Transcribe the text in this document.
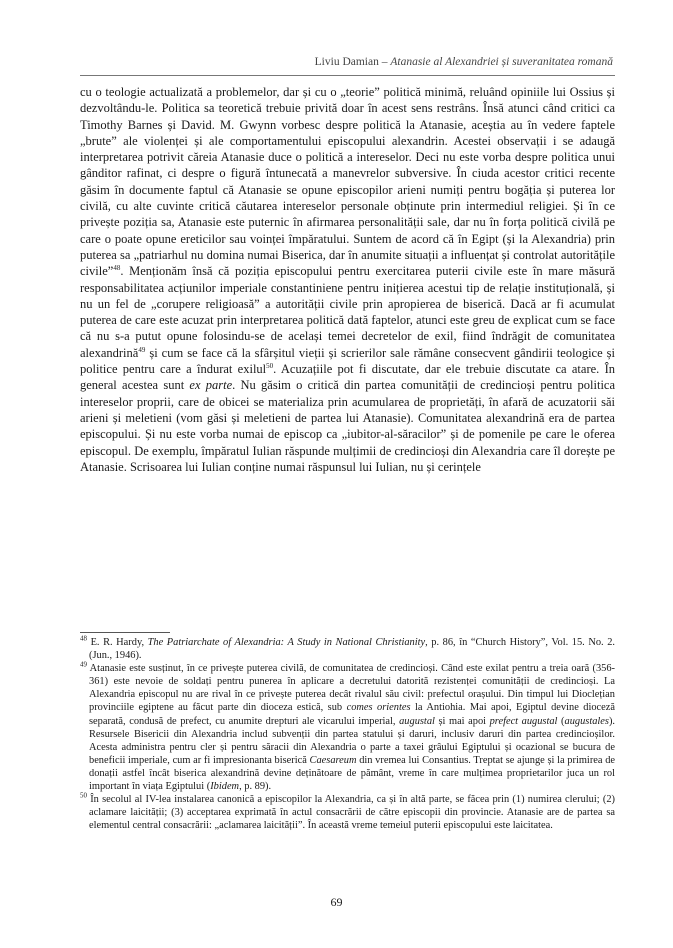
Liviu Damian – Atanasie al Alexandriei și suveranitatea romană

cu o teologie actualizată a problemelor, dar și cu o „teorie” politică minimă, reluând opiniile lui Ossius și dezvoltându-le. Politica sa teoretică trebuie privită doar în acest sens restrâns. Însă atunci când critici ca Timothy Barnes și David. M. Gwynn vorbesc despre politică la Atanasie, aceștia au în vedere faptele „brute” ale violenței și ale comportamentului episcopului alexandrin. Acestei observații i se adaugă interpretarea potrivit căreia Atanasie duce o politică a intereselor. Deci nu este vorba despre politica unui gânditor rafinat, ci despre o figură întunecată a manevrelor subversive. În ciuda acestor critici recente găsim în documente faptul că Atanasie se opune episcopilor arieni numiți pentru bogăția și puterea lor civilă, cu alte cuvinte critică căutarea intereselor personale obținute prin intermediul religiei. Și în ce privește poziția sa, Atanasie este puternic în afirmarea personalității sale, dar nu în forța politică civilă pe care o poate opune ereticilor sau voinței împăratului. Suntem de acord că în Egipt (și la Alexandria) prin puterea sa „patriarhul nu domina numai Biserica, dar în anumite situații a influențat și controlat autoritățile civile”$^{48}$. Menționăm însă că poziția episcopului pentru exercitarea puterii civile este în mare măsură responsabilitatea acțiunilor imperiale constantiniene pentru inițierea acestui tip de relație instituțională, și nu un fel de „corupere religioasă” a autorității civile prin apropierea de biserică. Dacă ar fi acumulat puterea de care este acuzat prin interpretarea politică dată faptelor, atunci este greu de explicat cum se face că nu s-a putut opune folosindu-se de același temei decretelor de exil, fiind îndrăgit de comunitatea alexandrină$^{49}$ și cum se face că la sfârșitul vieții și scrierilor sale rămâne consecvent gândirii teologice și politice pentru care a îndurat exilul$^{50}$. Acuzațiile pot fi discutate, dar ele trebuie discutate ca atare. În general acestea sunt ex parte. Nu găsim o critică din partea comunității de credincioși pentru politica intereselor proprii, care de obicei se materializa prin acumularea de proprietăți, în afară de acuzatorii săi arieni și meletieni (vom găsi și meletieni de partea lui Atanasie). Comunitatea alexandrină era de partea episcopului. Și nu este vorba numai de episcop ca „iubitor-al-săracilor” și de pomenile pe care le oferea episcopul. De exemplu, împăratul Iulian răspunde mulțimii de credincioși din Alexandria care îl dorește pe Atanasie. Scrisoarea lui Iulian conține numai răspunsul lui Iulian, nu și cerințele

$^{48}$ E. R. Hardy, The Patriarchate of Alexandria: A Study in National Christianity, p. 86, în “Church History”, Vol. 15. No. 2. (Jun., 1946).

$^{49}$ Atanasie este susținut, în ce privește puterea civilă, de comunitatea de credincioși. Când este exilat pentru a treia oară (356-361) este nevoie de soldați pentru punerea în aplicare a decretului datorită rezistenței comunității de credincioși. La Alexandria episcopul nu are rival în ce privește puterea decât rivalul său civil: prefectul orașului. Din timpul lui Dioclețian provinciile egiptene au făcut parte din dioceza estică, sub comes orientes la Antiohia. Mai apoi, Egiptul devine dioceză separată, condusă de prefect, cu anumite drepturi ale vicarului imperial, augustal și mai apoi prefect augustal (augustales). Resursele Bisericii din Alexandria includ subvenții din partea statului și daruri, inclusiv daruri din partea credincioșilor. Acesta administra pentru cler și pentru săracii din Alexandria o parte a taxei grâului Egiptului și ocazional se bucura de beneficii imperiale, cum ar fi impresionanta biserică Caesareum din vremea lui Consantius. Treptat se ajunge și la primirea de donații astfel încât biserica alexandrină devine deținătoare de pământ, vreme în care mulțimea proprietarilor juca un rol important în viața Egiptului (Ibidem, p. 89).

$^{50}$ În secolul al IV-lea instalarea canonică a episcopilor la Alexandria, ca și în altă parte, se făcea prin (1) numirea clerului; (2) aclamare laicității; (3) acceptarea exprimată în actul consacrării de către episcopii din provincie. Atanasie are de partea sa elementul central consacrării: „aclamarea laicității”. În această vreme temeiul puterii episcopului este laicitatea.

69
